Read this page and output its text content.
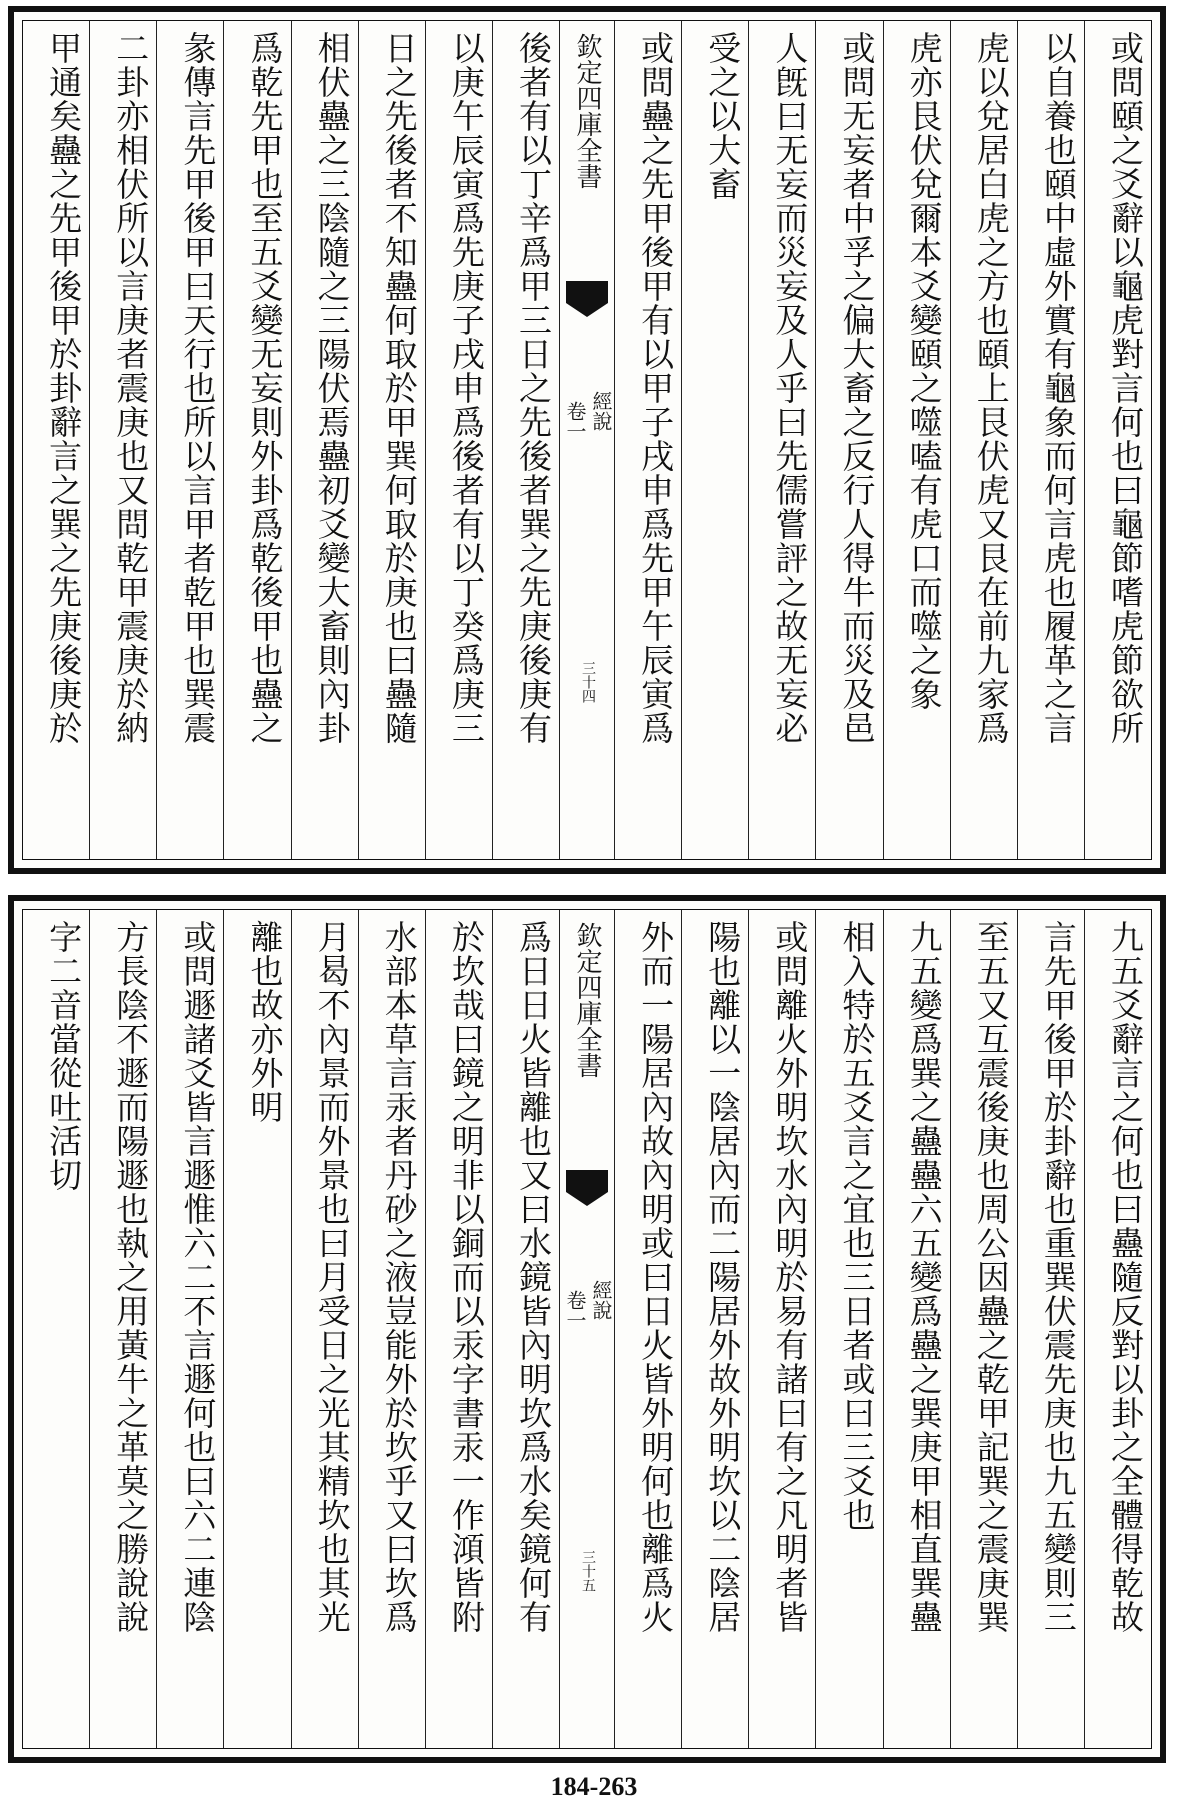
或問頤之爻辭以龜虎對言何也曰龜節嗜虎節欲所
以自養也頤中虛外實有龜象而何言虎也履革之言
虎以兌居白虎之方也頤上艮伏虎又艮在前九家爲
虎亦艮伏兌爾本爻變頤之噬嗑有虎口而噬之象
或問无妄者中孚之偏大畜之反行人得牛而災及邑
人旣曰无妄而災妄及人乎曰先儒嘗評之故无妄必
受之以大畜
或問蠱之先甲後甲有以甲子戌申爲先甲午辰寅爲
欽定四庫全書
經說
卷一
三十四
後者有以丁辛爲甲三日之先後者巽之先庚後庚有
以庚午辰寅爲先庚子戌申爲後者有以丁癸爲庚三
日之先後者不知蠱何取於甲巽何取於庚也曰蠱隨
相伏蠱之三陰隨之三陽伏焉蠱初爻變大畜則內卦
爲乾先甲也至五爻變无妄則外卦爲乾後甲也蠱之
彖傳言先甲後甲曰天行也所以言甲者乾甲也巽震
二卦亦相伏所以言庚者震庚也又問乾甲震庚於納
甲通矣蠱之先甲後甲於卦辭言之巽之先庚後庚於
九五爻辭言之何也曰蠱隨反對以卦之全體得乾故
言先甲後甲於卦辭也重巽伏震先庚也九五變則三
至五又互震後庚也周公因蠱之乾甲記巽之震庚巽
九五變爲巽之蠱蠱六五變爲蠱之巽庚甲相直巽蠱
相入特於五爻言之宜也三日者或曰三爻也
或問離火外明坎水內明於易有諸曰有之凡明者皆
陽也離以一陰居內而二陽居外故外明坎以二陰居
外而一陽居內故內明或曰日火皆外明何也離爲火
欽定四庫全書
經說
卷一
三十五
爲日日火皆離也又曰水鏡皆內明坎爲水矣鏡何有
於坎哉曰鏡之明非以銅而以汞字書汞一作澒皆附
水部本草言汞者丹砂之液豈能外於坎乎又曰坎爲
月曷不內景而外景也曰月受日之光其精坎也其光
離也故亦外明
或問遯諸爻皆言遯惟六二不言遯何也曰六二連陰
方長陰不遯而陽遯也執之用黃牛之革莫之勝說說
字二音當從吐活切
184-263
